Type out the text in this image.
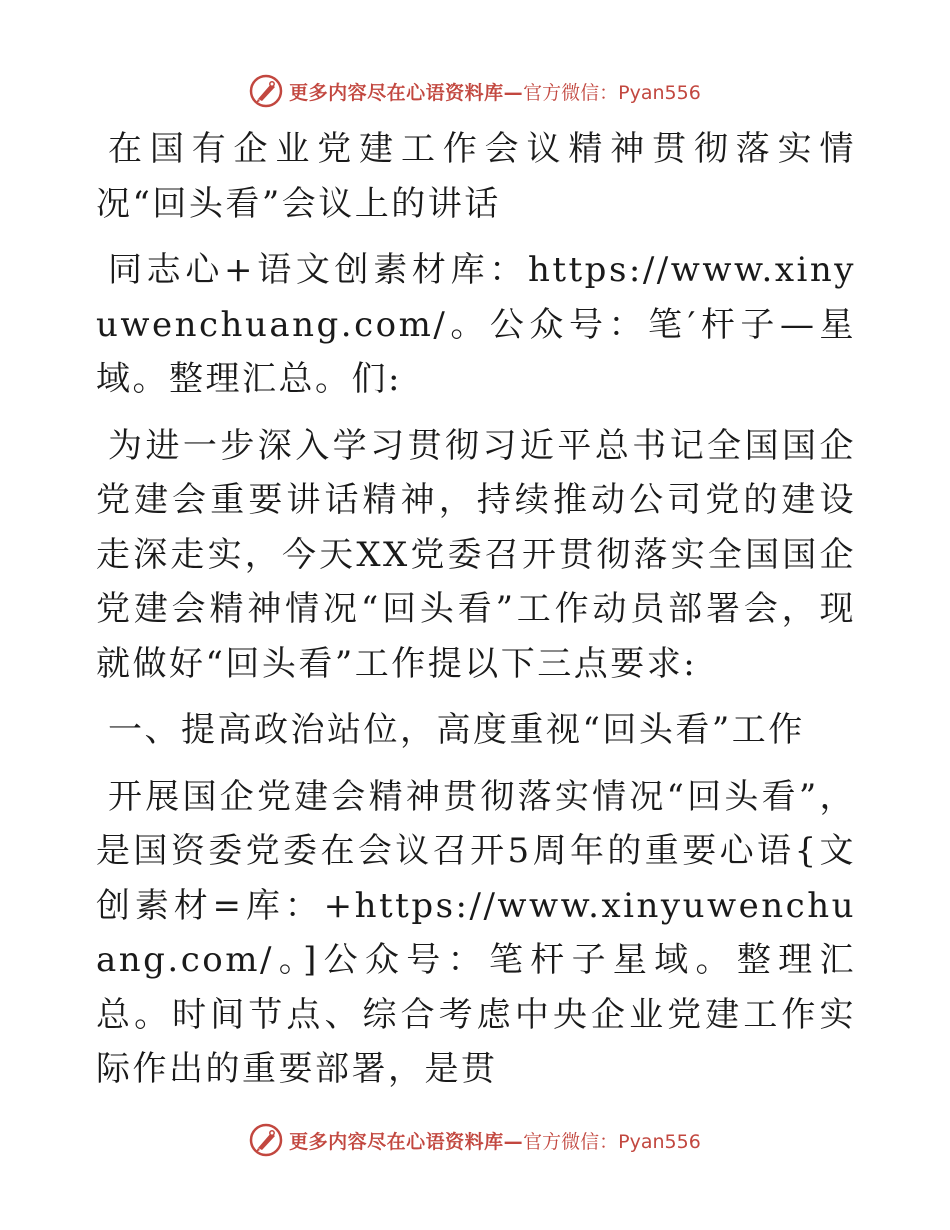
更多内容尽在心语资料库— 官方微信：Pyan556

在国有企业党建工作会议精神贯彻落实情况“回头看”会议上的讲话

同志心+语文创素材库：https://www.xinyuwenchuang.com/。公众号：笔′杆子—星域。整理汇总。们:

为进一步深入学习贯彻习近平总书记全国国企党建会重要讲话精神，持续推动公司党的建设走深走实，今天XX党委召开贯彻落实全国国企党建会精神情况“回头看”工作动员部署会，现就做好“回头看”工作提以下三点要求:

一、提高政治站位，高度重视“回头看”工作

开展国企党建会精神贯彻落实情况“回头看”，是国资委党委在会议召开5周年的重要心语{文创素材=库：+https://www.xinyuwenchuang.com/。]公众号：笔杆子星域。整理汇总。时间节点、综合考虑中央企业党建工作实际作出的重要部署，是贯

更多内容尽在心语资料库— 官方微信：Pyan556
